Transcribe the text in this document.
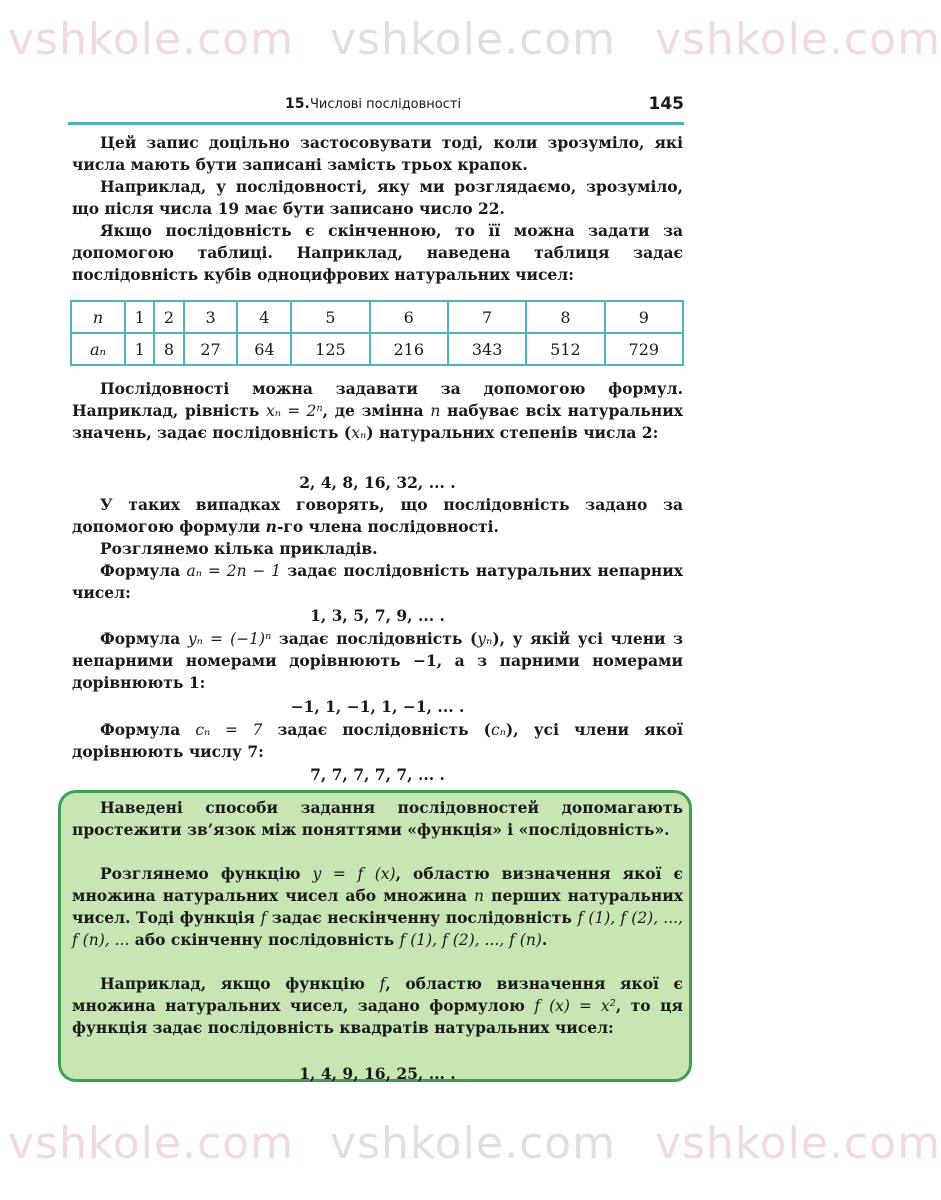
15. Числові послідовності	145

Цей запис доцільно застосовувати тоді, коли зрозуміло, які числа мають бути записані замість трьох крапок.

Наприклад, у послідовності, яку ми розглядаємо, зрозуміло, що після числа 19 має бути записано число 22.

Якщо послідовність є скінченною, то її можна задати за допомогою таблиці. Наприклад, наведена таблиця задає послідовність кубів одноцифрових натуральних чисел:

n	1	2	3	4	5	6	7	8	9
aₙ	1	8	27	64	125	216	343	512	729

Послідовності можна задавати за допомогою формул. Наприклад, рівність xₙ = 2ⁿ, де змінна n набуває всіх натуральних значень, задає послідовність (xₙ) натуральних степенів числа 2:

2, 4, 8, 16, 32, ... .

У таких випадках говорять, що послідовність задано за допомогою формули n-го члена послідовності.

Розглянемо кілька прикладів.

Формула aₙ = 2n − 1 задає послідовність натуральних непарних чисел:

1, 3, 5, 7, 9, ... .

Формула yₙ = (−1)ⁿ задає послідовність (yₙ), у якій усі члени з непарними номерами дорівнюють −1, а з парними номерами дорівнюють 1:

−1, 1, −1, 1, −1, ... .

Формула cₙ = 7 задає послідовність (cₙ), усі члени якої дорівнюють числу 7:

7, 7, 7, 7, 7, ... .

Наведені способи задання послідовностей допомагають простежити зв’язок між поняттями «функція» і «послідовність».

Розглянемо функцію y = f (x), областю визначення якої є множина натуральних чисел або множина n перших натуральних чисел. Тоді функція f задає нескінченну послідовність f (1), f (2), ..., f (n), ... або скінченну послідовність f (1), f (2), ..., f (n).

Наприклад, якщо функцію f, областю визначення якої є множина натуральних чисел, задано формулою f (x) = x², то ця функція задає послідовність квадратів натуральних чисел:

1, 4, 9, 16, 25, ... .

vshkole.com vshkole.com vshkole.com
vshkole.com vshkole.com vshkole.com
